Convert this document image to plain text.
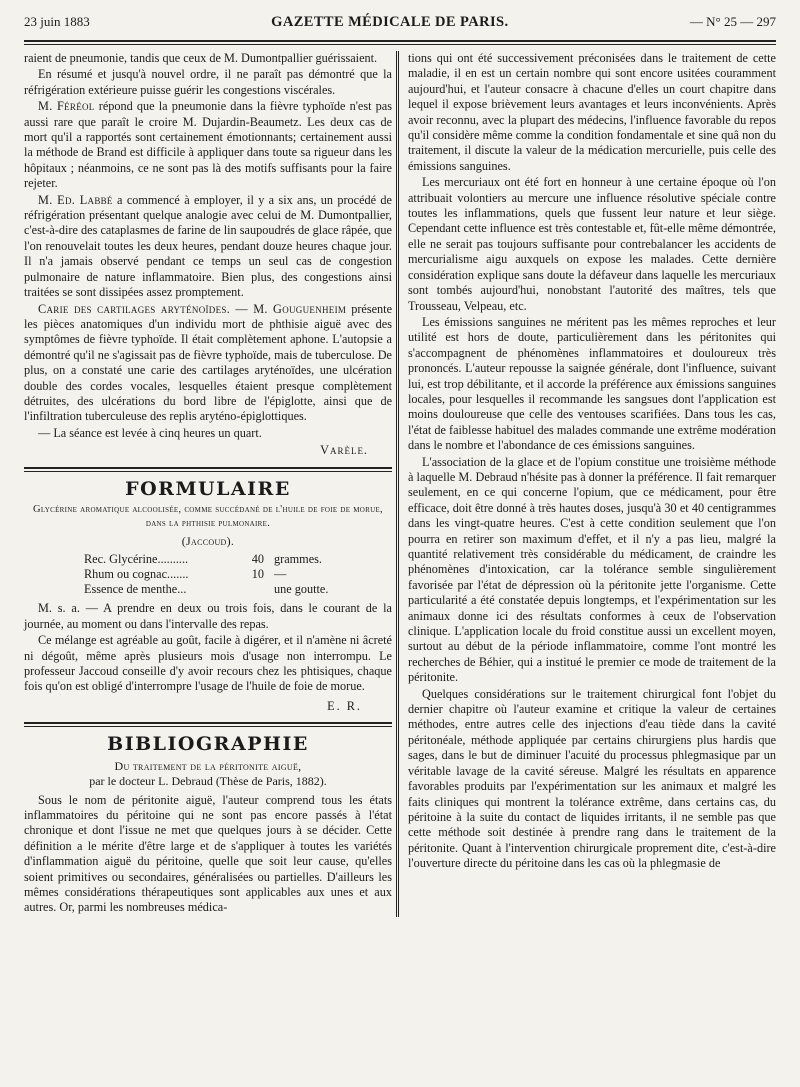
23 juin 1883	GAZETTE MÉDICALE DE PARIS.	— N° 25 — 297

raient de pneumonie, tandis que ceux de M. Dumontpallier guérissaient.

En résumé et jusqu'à nouvel ordre, il ne paraît pas démontré que la réfrigération extérieure puisse guérir les congestions viscérales.

M. Féréol répond que la pneumonie dans la fièvre typhoïde n'est pas aussi rare que paraît le croire M. Dujardin-Beaumetz. Les deux cas de mort qu'il a rapportés sont certainement émotionnants; certainement aussi la méthode de Brand est difficile à appliquer dans toute sa rigueur dans les hôpitaux ; néanmoins, ce ne sont pas là des motifs suffisants pour la faire rejeter.

M. Ed. Labbé a commencé à employer, il y a six ans, un procédé de réfrigération présentant quelque analogie avec celui de M. Dumontpallier, c'est-à-dire des cataplasmes de farine de lin saupoudrés de glace râpée, que l'on renouvelait toutes les deux heures, pendant douze heures chaque jour. Il n'a jamais observé pendant ce temps un seul cas de congestion pulmonaire de nature inflammatoire. Bien plus, des congestions ainsi traitées se sont dissipées assez promptement.

Carie des cartilages aryténoïdes. — M. Gouguenheim présente les pièces anatomiques d'un individu mort de phthisie aiguë avec des symptômes de fièvre typhoïde. Il était complètement aphone. L'autopsie a démontré qu'il ne s'agissait pas de fièvre typhoïde, mais de tuberculose. De plus, on a constaté une carie des cartilages aryténoïdes, une ulcération double des cordes vocales, lesquelles étaient presque complètement détruites, des ulcérations du bord libre de l'épiglotte, ainsi que de l'infiltration tuberculeuse des replis aryténo-épiglottiques.

— La séance est levée à cinq heures un quart.

Varèle.
FORMULAIRE

Glycérine aromatique alcoolisée, comme succédané de l'huile de foie de morue, dans la phthisie pulmonaire.

(Jaccoud).

Rec. Glycérine..........	40 grammes.
Rhum ou cognac.......	10 —
Essence de menthe...	une goutte.

M. s. a. — A prendre en deux ou trois fois, dans le courant de la journée, au moment ou dans l'intervalle des repas.

Ce mélange est agréable au goût, facile à digérer, et il n'amène ni âcreté ni dégoût, même après plusieurs mois d'usage non interrompu. Le professeur Jaccoud conseille d'y avoir recours chez les phtisiques, chaque fois qu'on est obligé d'interrompre l'usage de l'huile de foie de morue.

E. R.
BIBLIOGRAPHIE

Du traitement de la péritonite aiguë,
par le docteur L. Debraud (Thèse de Paris, 1882).

Sous le nom de péritonite aiguë, l'auteur comprend tous les états inflammatoires du péritoine qui ne sont pas encore passés à l'état chronique et dont l'issue ne met que quelques jours à se décider. Cette définition a le mérite d'être large et de s'appliquer à toutes les variétés d'inflammation aiguë du péritoine, quelle que soit leur cause, qu'elles soient primitives ou secondaires, généralisées ou partielles. D'ailleurs les mêmes considérations thérapeutiques sont applicables aux unes et aux autres. Or, parmi les nombreuses médica-

tions qui ont été successivement préconisées dans le traitement de cette maladie, il en est un certain nombre qui sont encore usitées couramment aujourd'hui, et l'auteur consacre à chacune d'elles un court chapitre dans lequel il expose brièvement leurs avantages et leurs inconvénients. Après avoir reconnu, avec la plupart des médecins, l'influence favorable du repos qu'il considère même comme la condition fondamentale et sine quâ non du traitement, il discute la valeur de la médication mercurielle, puis celle des émissions sanguines.

Les mercuriaux ont été fort en honneur à une certaine époque où l'on attribuait volontiers au mercure une influence résolutive spéciale contre toutes les inflammations, quels que fussent leur nature et leur siège. Cependant cette influence est très contestable et, fût-elle même démontrée, elle ne serait pas toujours suffisante pour contrebalancer les accidents de mercurialisme aigu auxquels on expose les malades. Cette dernière considération explique sans doute la défaveur dans laquelle les mercuriaux sont tombés aujourd'hui, nonobstant l'autorité des maîtres, tels que Trousseau, Velpeau, etc.

Les émissions sanguines ne méritent pas les mêmes reproches et leur utilité est hors de doute, particulièrement dans les péritonites qui s'accompagnent de phénomènes inflammatoires et douloureux très prononcés. L'auteur repousse la saignée générale, dont l'influence, suivant lui, est trop débilitante, et il accorde la préférence aux émissions sanguines locales, pour lesquelles il recommande les sangsues dont l'application est moins douloureuse que celle des ventouses scarifiées. Dans tous les cas, l'état de faiblesse habituel des malades commande une extrême modération dans le nombre et l'abondance de ces émissions sanguines.

L'association de la glace et de l'opium constitue une troisième méthode à laquelle M. Debraud n'hésite pas à donner la préférence. Il fait remarquer seulement, en ce qui concerne l'opium, que ce médicament, pour être efficace, doit être donné à très hautes doses, jusqu'à 30 et 40 centigrammes dans les vingt-quatre heures. C'est à cette condition seulement que l'on pourra en retirer son maximum d'effet, et il n'y a pas lieu, malgré la quantité relativement très considérable du médicament, de craindre les phénomènes d'intoxication, car la tolérance semble singulièrement favorisée par l'état de dépression où la péritonite jette l'organisme. Cette particularité a été constatée depuis longtemps, et l'expérimentation sur les animaux donne ici des résultats conformes à ceux de l'observation clinique. L'application locale du froid constitue aussi un excellent moyen, surtout au début de la période inflammatoire, comme l'ont montré les recherches de Béhier, qui a institué le premier ce mode de traitement de la péritonite.

Quelques considérations sur le traitement chirurgical font l'objet du dernier chapitre où l'auteur examine et critique la valeur de certaines méthodes, entre autres celle des injections d'eau tiède dans la cavité péritonéale, méthode appliquée par certains chirurgiens plus hardis que sages, dans le but de diminuer l'acuité du processus phlegmasique par un véritable lavage de la cavité séreuse. Malgré les résultats en apparence favorables produits par l'expérimentation sur les animaux et malgré les faits cliniques qui montrent la tolérance extrême, dans certains cas, du péritoine à la suite du contact de liquides irritants, il ne semble pas que cette méthode soit destinée à prendre rang dans le traitement de la péritonite. Quant à l'intervention chirurgicale proprement dite, c'est-à-dire l'ouverture directe du péritoine dans les cas où la phlegmasie de
